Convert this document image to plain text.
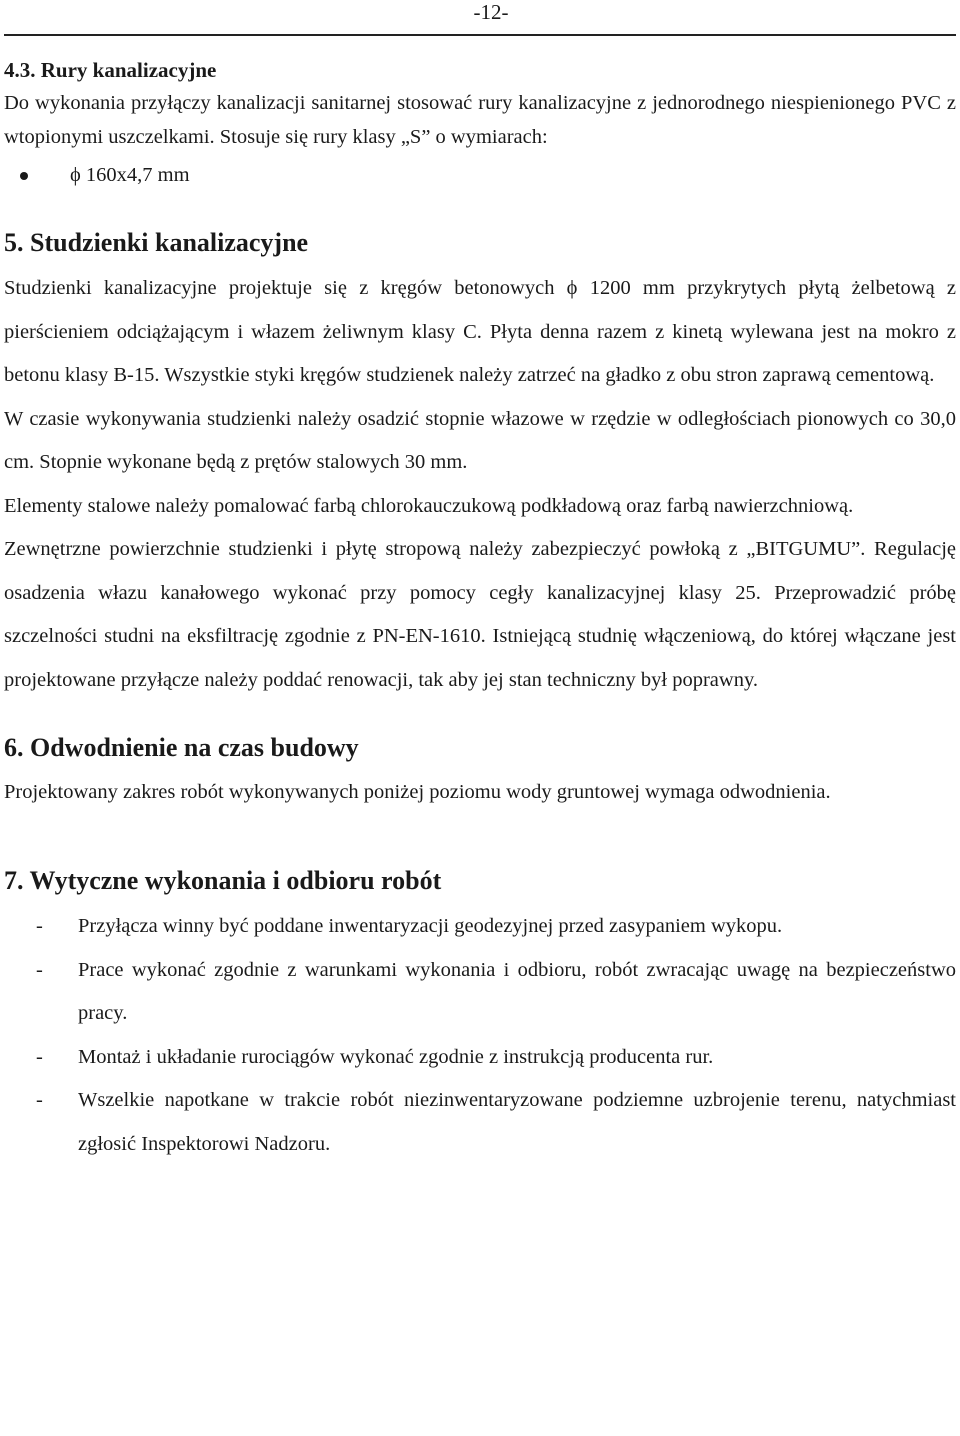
-12-
4.3. Rury kanalizacyjne

Do wykonania przyłączy kanalizacji sanitarnej stosować rury kanalizacyjne z jednorodnego niespienionego PVC z wtopionymi uszczelkami. Stosuje się rury klasy „S” o wymiarach:

ϕ 160x4,7 mm
5. Studzienki kanalizacyjne

Studzienki kanalizacyjne projektuje się z kręgów betonowych ϕ 1200 mm przykrytych płytą żelbetową z pierścieniem odciążającym i włazem żeliwnym klasy C. Płyta denna razem z kinetą wylewana jest na mokro z betonu klasy B-15. Wszystkie styki kręgów studzienek należy zatrzeć na gładko z obu stron zaprawą cementową.

W czasie wykonywania studzienki należy osadzić stopnie włazowe w rzędzie w odległościach pionowych co 30,0 cm. Stopnie wykonane będą z prętów stalowych 30 mm.

Elementy stalowe należy pomalować farbą chlorokauczukową podkładową oraz farbą nawierzchniową.

Zewnętrzne powierzchnie studzienki i płytę stropową należy zabezpieczyć powłoką z „BITGUMU”. Regulację osadzenia włazu kanałowego wykonać przy pomocy cegły kanalizacyjnej klasy 25. Przeprowadzić próbę szczelności studni na eksfiltrację zgodnie z PN-EN-1610. Istniejącą studnię włączeniową, do której włączane jest projektowane przyłącze należy poddać renowacji, tak aby jej stan techniczny był poprawny.

6. Odwodnienie na czas budowy

Projektowany zakres robót wykonywanych poniżej poziomu wody gruntowej wymaga odwodnienia.

7. Wytyczne wykonania i odbioru robót
- Przyłącza winny być poddane inwentaryzacji geodezyjnej przed zasypaniem wykopu.
- Prace wykonać zgodnie z warunkami wykonania i odbioru, robót zwracając uwagę na bezpieczeństwo pracy.
- Montaż i układanie rurociągów wykonać zgodnie z instrukcją producenta rur.
- Wszelkie napotkane w trakcie robót niezinwentaryzowane podziemne uzbrojenie terenu, natychmiast zgłosić Inspektorowi Nadzoru.
